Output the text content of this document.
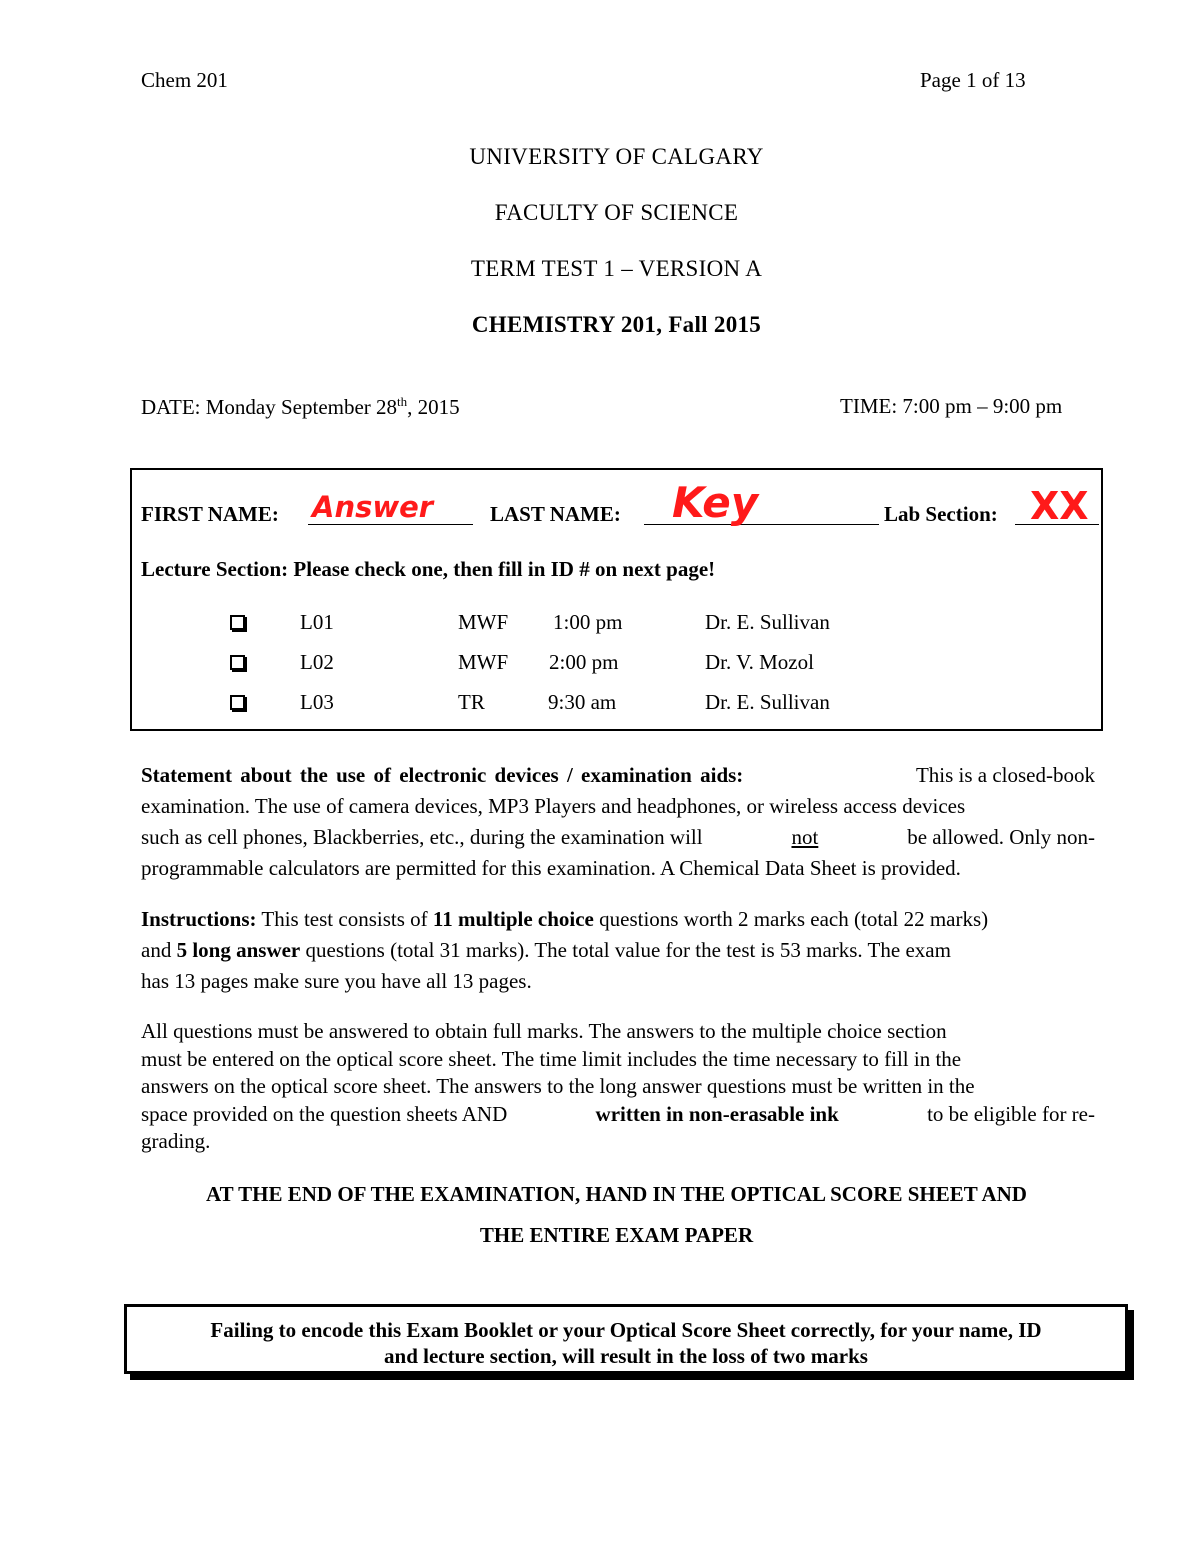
Chem 201	Page 1 of 13
UNIVERSITY OF CALGARY
FACULTY OF SCIENCE
TERM TEST 1 – VERSION A
CHEMISTRY 201, Fall 2015
DATE: Monday September 28th, 2015	TIME: 7:00 pm – 9:00 pm
FIRST NAME: Answer	LAST NAME: Key	Lab Section: XX
Lecture Section: Please check one, then fill in ID # on next page!
L01	MWF 1:00 pm	Dr. E. Sullivan
L02	MWF 2:00 pm	Dr. V. Mozol
L03	TR	9:30 am	Dr. E. Sullivan
Statement about the use of electronic devices / examination aids:	This is a closed-book
examination. The use of camera devices, MP3 Players and headphones, or wireless access devices
such as cell phones, Blackberries, etc., during the examination will	not	be allowed. Only non-
programmable calculators are permitted for this examination. A Chemical Data Sheet is provided.
Instructions: This test consists of 11 multiple choice questions worth 2 marks each (total 22 marks)
and 5 long answer questions (total 31 marks). The total value for the test is 53 marks. The exam
has 13 pages make sure you have all 13 pages.
All questions must be answered to obtain full marks. The answers to the multiple choice section
must be entered on the optical score sheet. The time limit includes the time necessary to fill in the
answers on the optical score sheet. The answers to the long answer questions must be written in the
space provided on the question sheets AND	written in non-erasable ink	to be eligible for re-
grading.
AT THE END OF THE EXAMINATION, HAND IN THE OPTICAL SCORE SHEET AND
THE ENTIRE EXAM PAPER
Failing to encode this Exam Booklet or your Optical Score Sheet correctly, for your name, ID
and lecture section, will result in the loss of two marks
